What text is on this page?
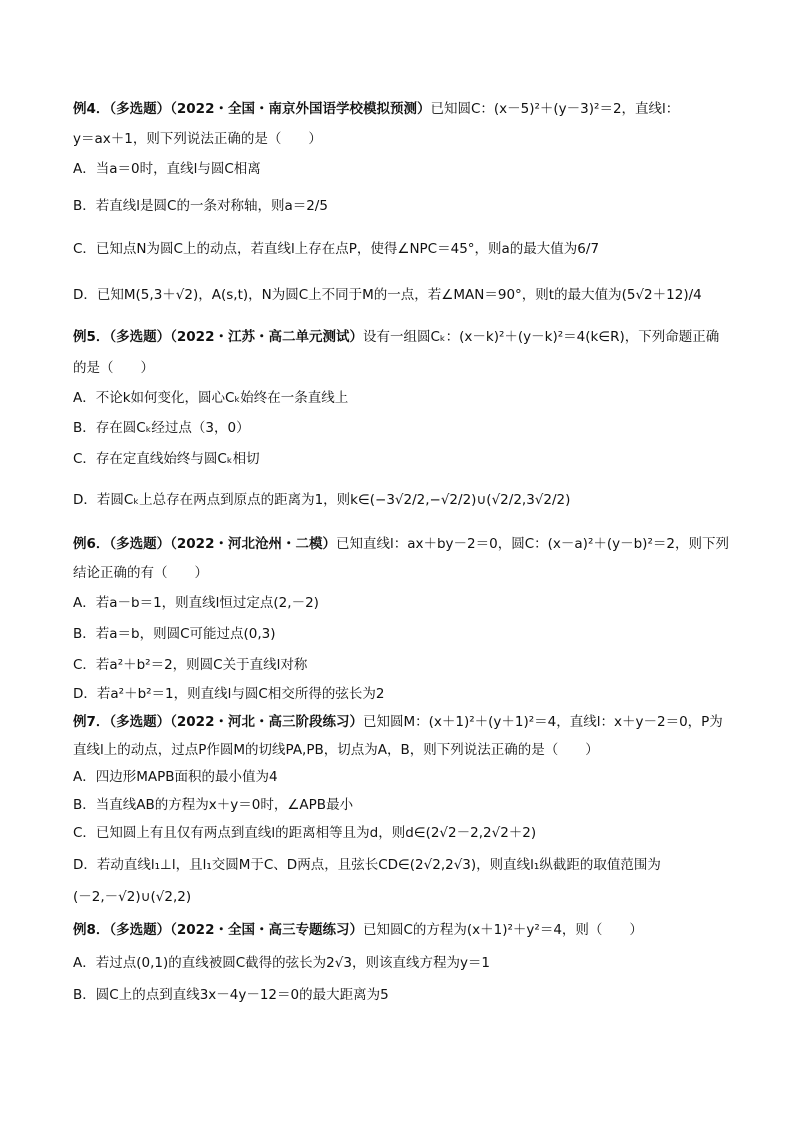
例4．（多选题）（2022・全国・南京外国语学校模拟预测）已知圆C：(x－5)²＋(y－3)²＝2，直线l：
y＝ax＋1，则下列说法正确的是（　　）
A．当a＝0时，直线l与圆C相离
B．若直线l是圆C的一条对称轴，则a＝2/5
C．已知点N为圆C上的动点，若直线l上存在点P，使得∠NPC＝45°，则a的最大值为6/7
D．已知M(5,3＋√2)，A(s,t)，N为圆C上不同于M的一点，若∠MAN＝90°，则t的最大值为(5√2＋12)/4
例5．（多选题）（2022・江苏・高二单元测试）设有一组圆Cₖ：(x－k)²＋(y－k)²＝4(k∈R)，下列命题正确
的是（　　）
A．不论k如何变化，圆心Cₖ始终在一条直线上
B．存在圆Cₖ经过点（3，0）
C．存在定直线始终与圆Cₖ相切
D．若圆Cₖ上总存在两点到原点的距离为1，则k∈(−3√2/2,−√2/2)∪(√2/2,3√2/2)
例6．（多选题）（2022・河北沧州・二模）已知直线l：ax＋by－2＝0，圆C：(x－a)²＋(y－b)²＝2，则下列
结论正确的有（　　）
A．若a－b＝1，则直线l恒过定点(2,－2)
B．若a＝b，则圆C可能过点(0,3)
C．若a²＋b²＝2，则圆C关于直线l对称
D．若a²＋b²＝1，则直线l与圆C相交所得的弦长为2
例7．（多选题）（2022・河北・高三阶段练习）已知圆M：(x＋1)²＋(y＋1)²＝4，直线l：x＋y－2＝0，P为
直线l上的动点，过点P作圆M的切线PA,PB，切点为A，B，则下列说法正确的是（　　）
A．四边形MAPB面积的最小值为4
B．当直线AB的方程为x＋y＝0时，∠APB最小
C．已知圆上有且仅有两点到直线l的距离相等且为d，则d∈(2√2－2,2√2＋2)
D．若动直线l₁⊥l，且l₁交圆M于C、D两点，且弦长CD∈(2√2,2√3)，则直线l₁纵截距的取值范围为
(－2,－√2)∪(√2,2)
例8．（多选题）（2022・全国・高三专题练习）已知圆C的方程为(x＋1)²＋y²＝4，则（　　）
A．若过点(0,1)的直线被圆C截得的弦长为2√3，则该直线方程为y＝1
B．圆C上的点到直线3x－4y－12＝0的最大距离为5
